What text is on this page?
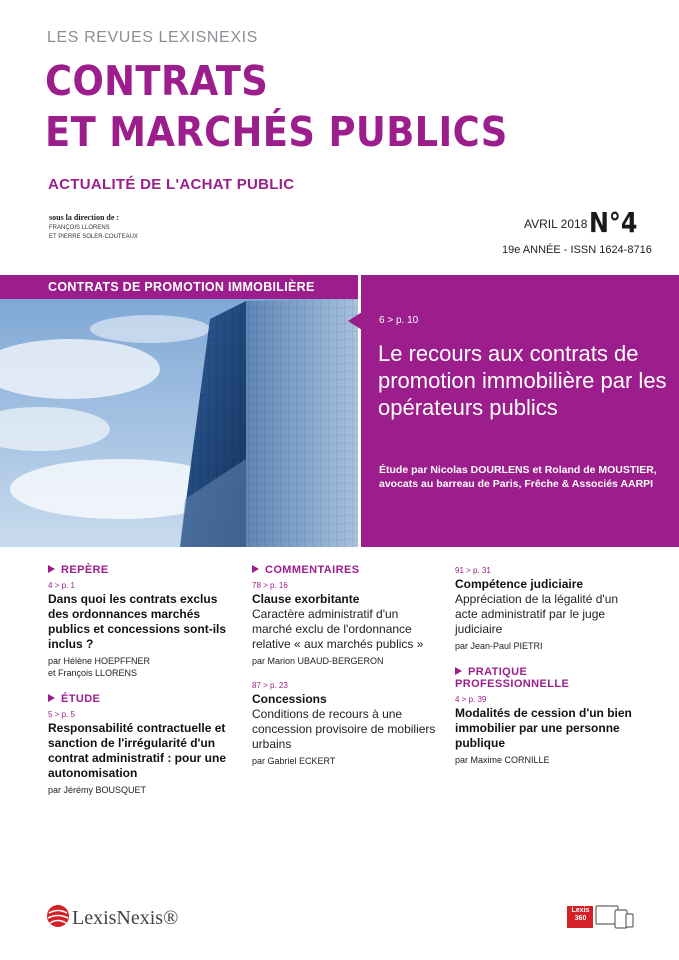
LES REVUES LEXISNEXIS
CONTRATS
ET MARCHÉS PUBLICS
ACTUALITÉ DE L'ACHAT PUBLIC
sous la direction de :
FRANÇOIS LLORENS
ET PIERRE SOLER-COUTEAUX
AVRIL 2018 -
N°4
19e ANNÉE - ISSN 1624-8716
CONTRATS DE PROMOTION IMMOBILIÈRE
6 > p. 10
Le recours aux contrats de promotion immobilière par les opérateurs publics
Étude par Nicolas DOURLENS et Roland de MOUSTIER,
avocats au barreau de Paris, Frêche & Associés AARPI
REPÈRE
4 > p. 1
Dans quoi les contrats exclus des ordonnances marchés publics et concessions sont-ils inclus ?
par Hélène HOEPFFNER
et François LLORENS
ÉTUDE
5 > p. 5
Responsabilité contractuelle et sanction de l'irrégularité d'un contrat administratif : pour une autonomisation
par Jérémy BOUSQUET
COMMENTAIRES
78 > p. 16
Clause exorbitante
Caractère administratif d'un marché exclu de l'ordonnance relative « aux marchés publics »
par Marion UBAUD-BERGERON
87 > p. 23
Concessions
Conditions de recours à une concession provisoire de mobiliers urbains
par Gabriel ECKERT
91 > p. 31
Compétence judiciaire
Appréciation de la légalité d'un acte administratif par le juge judiciaire
par Jean-Paul PIETRI
PRATIQUE
PROFESSIONNELLE
4 > p. 39
Modalités de cession d'un bien immobilier par une personne publique
par Maxime CORNILLE
LexisNexis®	Lexis 360
